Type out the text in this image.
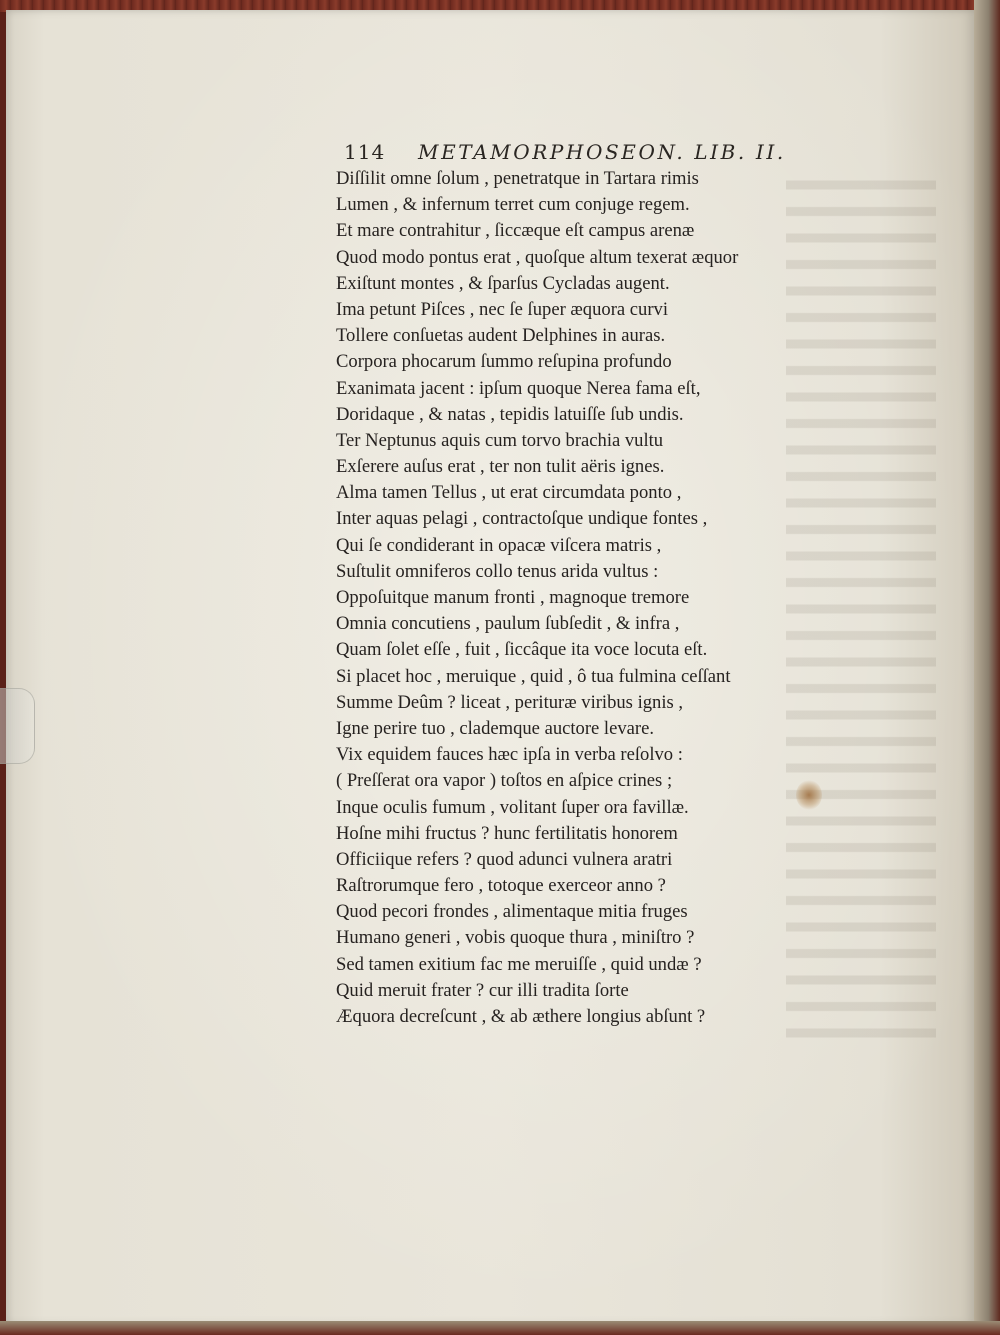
114 METAMORPHOSEON. LIB. II.
Diſſilit omne ſolum , penetratque in Tartara rimis
Lumen , & infernum terret cum conjuge regem.
Et mare contrahitur , ſiccæque eſt campus arenæ
Quod modo pontus erat , quoſque altum texerat æquor
Exiſtunt montes , & ſparſus Cycladas augent.
Ima petunt Piſces , nec ſe ſuper æquora curvi
Tollere conſuetas audent Delphines in auras.
Corpora phocarum ſummo reſupina profundo
Exanimata jacent : ipſum quoque Nerea fama eſt,
Doridaque , & natas , tepidis latuiſſe ſub undis.
Ter Neptunus aquis cum torvo brachia vultu
Exſerere auſus erat , ter non tulit aëris ignes.
Alma tamen Tellus , ut erat circumdata ponto ,
Inter aquas pelagi , contractoſque undique fontes ,
Qui ſe condiderant in opacæ viſcera matris ,
Suſtulit omniferos collo tenus arida vultus :
Oppoſuitque manum fronti , magnoque tremore
Omnia concutiens , paulum ſubſedit , & infra ,
Quam ſolet eſſe , fuit , ſiccâque ita voce locuta eſt.
Si placet hoc , meruique , quid , ô tua fulmina ceſſant
Summe Deûm ? liceat , perituræ viribus ignis ,
Igne perire tuo , clademque auctore levare.
Vix equidem fauces hæc ipſa in verba reſolvo :
( Preſſerat ora vapor ) toſtos en aſpice crines ;
Inque oculis fumum , volitant ſuper ora favillæ.
Hoſne mihi fructus ? hunc fertilitatis honorem
Officiique refers ? quod adunci vulnera aratri
Raſtrorumque fero , totoque exerceor anno ?
Quod pecori frondes , alimentaque mitia fruges
Humano generi , vobis quoque thura , miniſtro ?
Sed tamen exitium fac me meruiſſe , quid undæ ?
Quid meruit frater ? cur illi tradita ſorte
Æquora decreſcunt , & ab æthere longius abſunt ?
